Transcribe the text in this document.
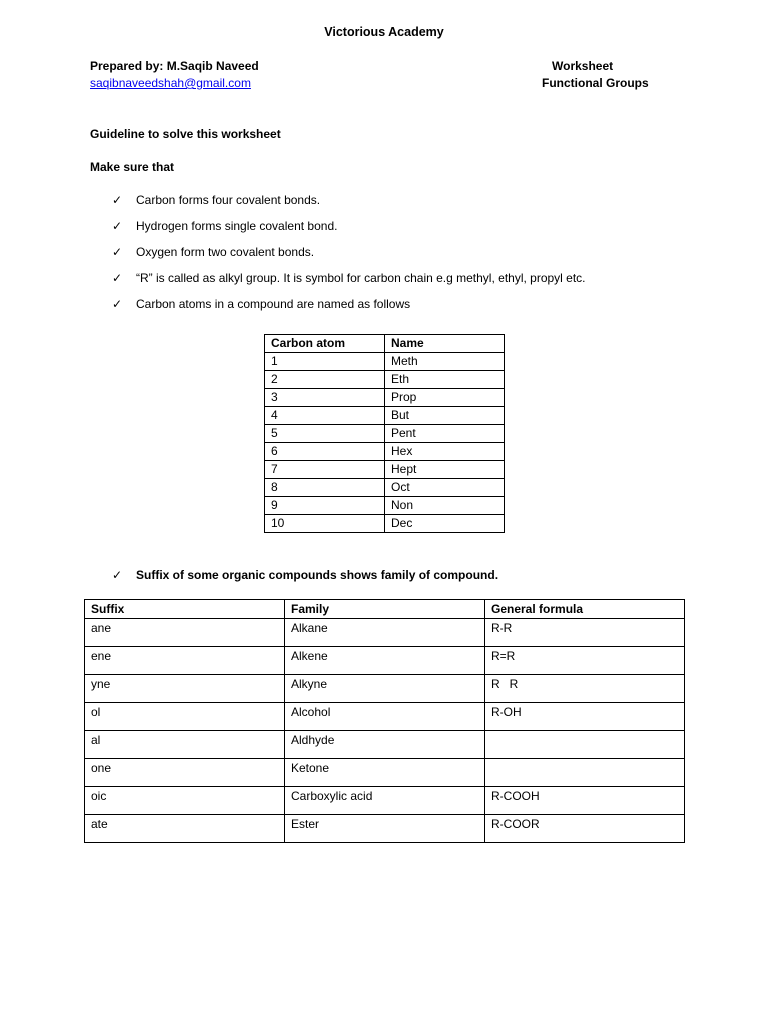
Victorious Academy
Prepared by: M.Saqib Naveed
saqibnaveedshah@gmail.com
Worksheet
Functional Groups
Guideline to solve this worksheet
Make sure that
✓ Carbon forms four covalent bonds.
✓ Hydrogen forms single covalent bond.
✓ Oxygen form two covalent bonds.
✓ “R” is called as alkyl group. It is symbol for carbon chain e.g methyl, ethyl, propyl etc.
✓ Carbon atoms in a compound are named as follows
Carbon atom	Name
1	Meth
2	Eth
3	Prop
4	But
5	Pent
6	Hex
7	Hept
8	Oct
9	Non
10	Dec
✓ Suffix of some organic compounds shows family of compound.
Suffix	Family	General formula
ane	Alkane	R-R
ene	Alkene	R=R
yne	Alkyne	R   R
ol	Alcohol	R-OH
al	Aldhyde	
one	Ketone	
oic	Carboxylic acid	R-COOH
ate	Ester	R-COOR
